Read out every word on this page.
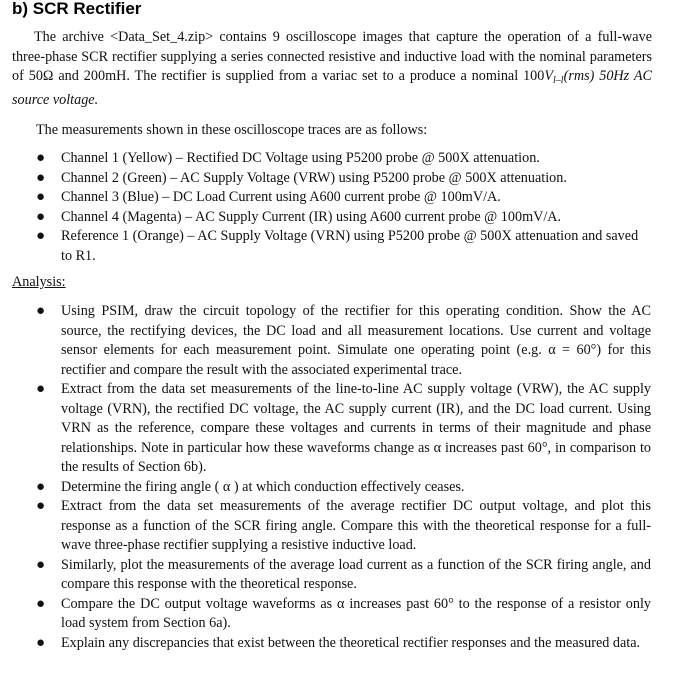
b) SCR Rectifier

The archive <Data_Set_4.zip> contains 9 oscilloscope images that capture the operation of a full-wave three-phase SCR rectifier supplying a series connected resistive and inductive load with the nominal parameters of 50Ω and 200mH. The rectifier is supplied from a variac set to a produce a nominal $100V_{l-l}(rms)$ 50Hz AC source voltage.

The measurements shown in these oscilloscope traces are as follows:

● Channel 1 (Yellow) – Rectified DC Voltage using P5200 probe @ 500X attenuation.
● Channel 2 (Green) – AC Supply Voltage (VRW) using P5200 probe @ 500X attenuation.
● Channel 3 (Blue) – DC Load Current using A600 current probe @ 100mV/A.
● Channel 4 (Magenta) – AC Supply Current (IR) using A600 current probe @ 100mV/A.
● Reference 1 (Orange) – AC Supply Voltage (VRN) using P5200 probe @ 500X attenuation and saved to R1.

Analysis:

● Using PSIM, draw the circuit topology of the rectifier for this operating condition. Show the AC source, the rectifying devices, the DC load and all measurement locations. Use current and voltage sensor elements for each measurement point. Simulate one operating point (e.g. α = 60°) for this rectifier and compare the result with the associated experimental trace.
● Extract from the data set measurements of the line-to-line AC supply voltage (VRW), the AC supply voltage (VRN), the rectified DC voltage, the AC supply current (IR), and the DC load current. Using VRN as the reference, compare these voltages and currents in terms of their magnitude and phase relationships. Note in particular how these waveforms change as α increases past 60°, in comparison to the results of Section 6b).
● Determine the firing angle ( α ) at which conduction effectively ceases.
● Extract from the data set measurements of the average rectifier DC output voltage, and plot this response as a function of the SCR firing angle. Compare this with the theoretical response for a full-wave three-phase rectifier supplying a resistive inductive load.
● Similarly, plot the measurements of the average load current as a function of the SCR firing angle, and compare this response with the theoretical response.
● Compare the DC output voltage waveforms as α increases past 60° to the response of a resistor only load system from Section 6a).
● Explain any discrepancies that exist between the theoretical rectifier responses and the measured data.
